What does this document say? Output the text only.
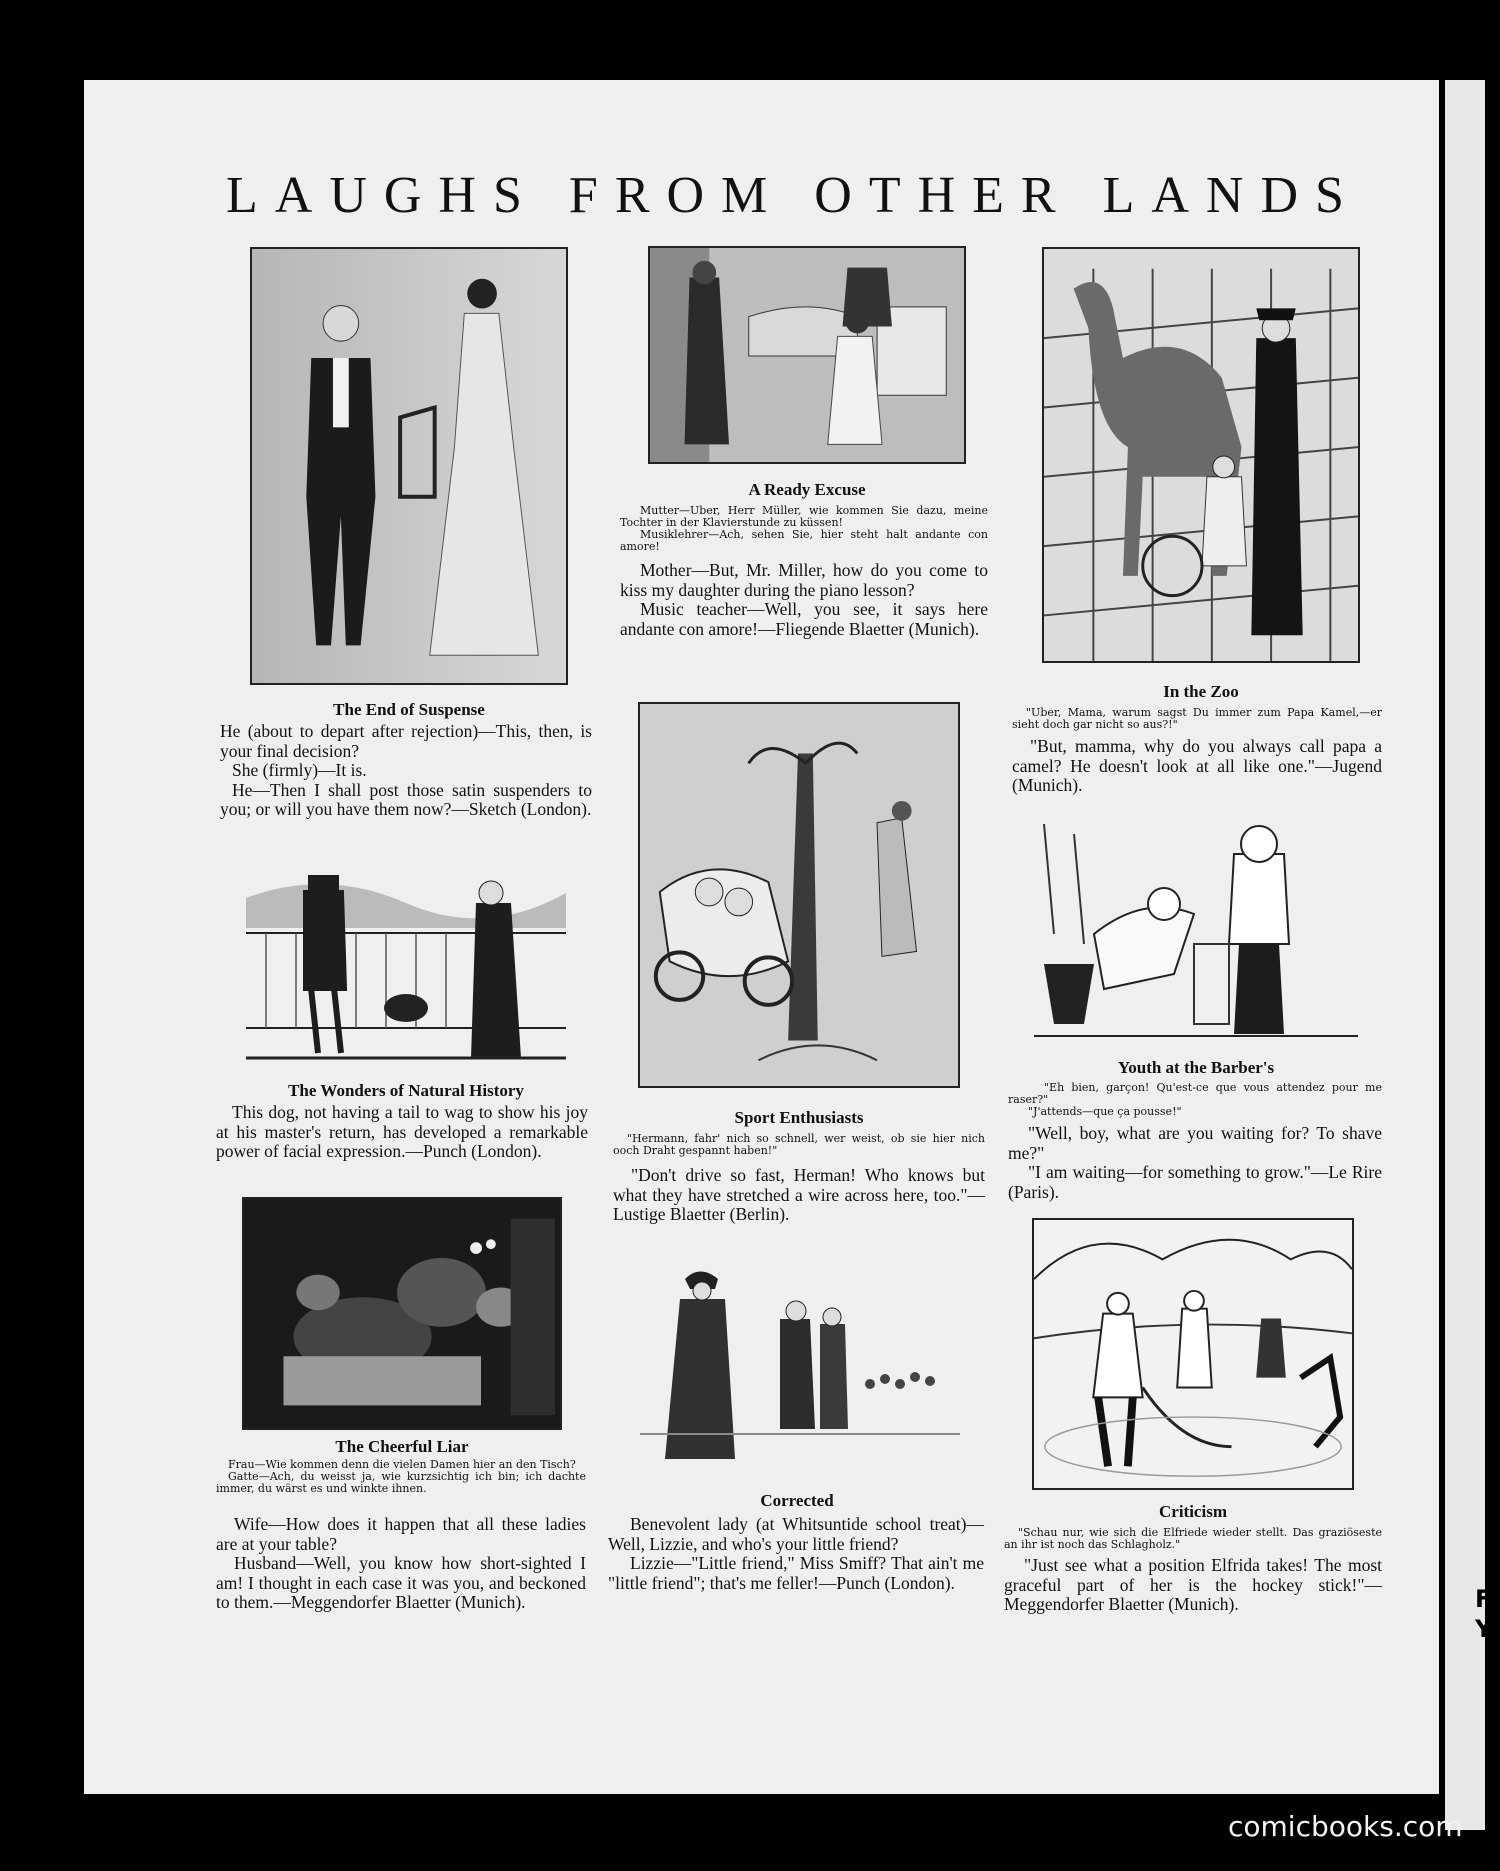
Fi
Y
LAUGHS FROM OTHER LANDS
The End of Suspense

He (about to depart after rejection)—This, then, is your final decision?

She (firmly)—It is.

He—Then I shall post those satin suspenders to you; or will you have them now?—Sketch (London).

The Wonders of Natural History
This dog, not having a tail to wag to show his joy at his master's return, has developed a remarkable power of facial expression.—Punch (London).
The Cheerful Liar

Frau—Wie kommen denn die vielen Damen hier an den Tisch?

Gatte—Ach, du weisst ja, wie kurzsichtig ich bin; ich dachte immer, du wärst es und winkte ihnen.

Wife—How does it happen that all these ladies are at your table?

Husband—Well, you know how short-sighted I am! I thought in each case it was you, and beckoned to them.—Meggendorfer Blaetter (Munich).

A Ready Excuse

Mutter—Uber, Herr Müller, wie kommen Sie dazu, meine Tochter in der Klavierstunde zu küssen!

Musiklehrer—Ach, sehen Sie, hier steht halt andante con amore!

Mother—But, Mr. Miller, how do you come to kiss my daughter during the piano lesson?

Music teacher—Well, you see, it says here andante con amore!—Fliegende Blaetter (Munich).

Sport Enthusiasts

"Hermann, fahr' nich so schnell, wer weist, ob sie hier nich ooch Draht gespannt haben!"

"Don't drive so fast, Herman! Who knows but what they have stretched a wire across here, too."—Lustige Blaetter (Berlin).
Corrected

Benevolent lady (at Whitsuntide school treat)—Well, Lizzie, and who's your little friend?

Lizzie—"Little friend," Miss Smiff? That ain't me "little friend"; that's me feller!—Punch (London).

In the Zoo

"Uber, Mama, warum sagst Du immer zum Papa Kamel,—er sieht doch gar nicht so aus?!"

"But, mamma, why do you always call papa a camel? He doesn't look at all like one."—Jugend (Munich).
Youth at the Barber's

"Eh bien, garçon! Qu'est-ce que vous attendez pour me raser?"

"J'attends—que ça pousse!"

"Well, boy, what are you waiting for? To shave me?"

"I am waiting—for something to grow."—Le Rire (Paris).

Criticism

"Schau nur, wie sich die Elfriede wieder stellt. Das graziöseste an ihr ist noch das Schlagholz."

"Just see what a position Elfrida takes! The most graceful part of her is the hockey stick!"—Meggendorfer Blaetter (Munich).
comicbooks.com
